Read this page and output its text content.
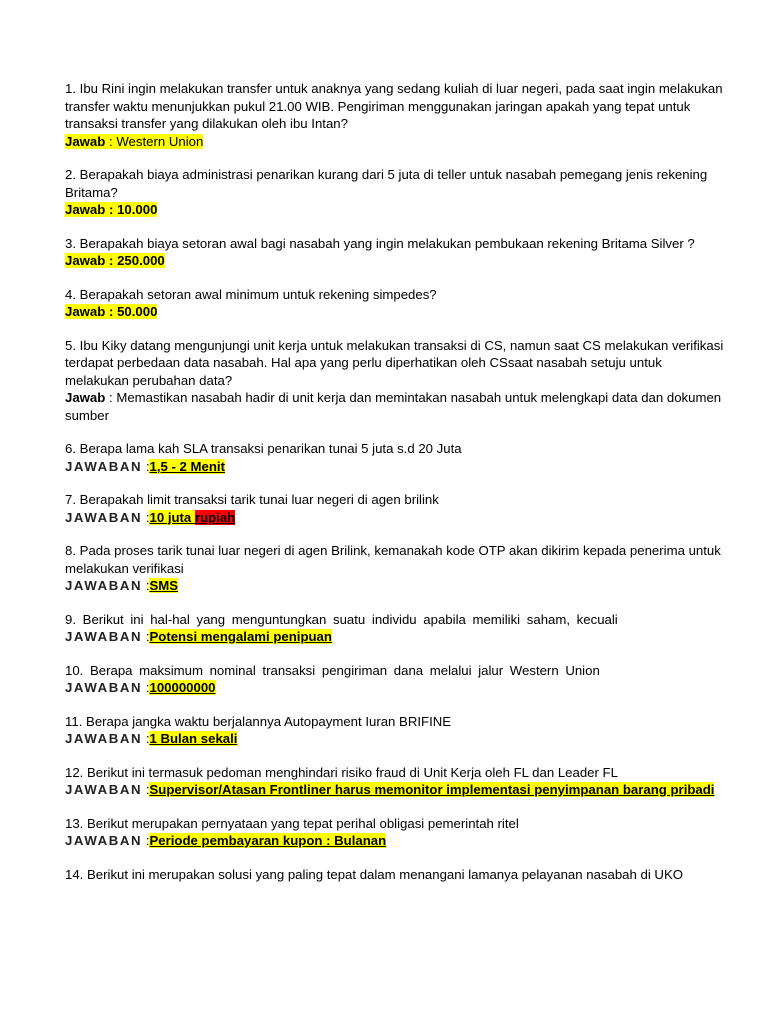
1. Ibu Rini ingin melakukan transfer untuk anaknya yang sedang kuliah di luar negeri, pada saat ingin melakukan transfer waktu menunjukkan pukul 21.00 WIB. Pengiriman menggunakan jaringan apakah yang tepat untuk transaksi transfer yang dilakukan oleh ibu Intan?
Jawab : Western Union
2. Berapakah biaya administrasi penarikan kurang dari 5 juta di teller untuk nasabah pemegang jenis rekening Britama?
Jawab : 10.000
3. Berapakah biaya setoran awal bagi nasabah yang ingin melakukan pembukaan rekening Britama Silver ?
Jawab : 250.000
4. Berapakah setoran awal minimum untuk rekening simpedes?
Jawab : 50.000
5. Ibu Kiky datang mengunjungi unit kerja untuk melakukan transaksi di CS, namun saat CS melakukan verifikasi terdapat perbedaan data nasabah. Hal apa yang perlu diperhatikan oleh CSsaat nasabah setuju untuk melakukan perubahan data?
Jawab : Memastikan nasabah hadir di unit kerja dan memintakan nasabah untuk melengkapi data dan dokumen sumber
6. Berapa lama kah SLA transaksi penarikan tunai 5 juta s.d 20 Juta
JAWABAN :1,5 - 2 Menit
7. Berapakah limit transaksi tarik tunai luar negeri di agen brilink
JAWABAN :10 juta rupiah
8. Pada proses tarik tunai luar negeri di agen Brilink, kemanakah kode OTP akan dikirim kepada penerima untuk melakukan verifikasi
JAWABAN :SMS
9. Berikut ini hal-hal yang menguntungkan suatu individu apabila memiliki saham, kecuali
JAWABAN :Potensi mengalami penipuan
10. Berapa maksimum nominal transaksi pengiriman dana melalui jalur Western Union
JAWABAN :100000000
11. Berapa jangka waktu berjalannya Autopayment Iuran BRIFINE
JAWABAN :1 Bulan sekali
12. Berikut ini termasuk pedoman menghindari risiko fraud di Unit Kerja oleh FL dan Leader FL
JAWABAN :Supervisor/Atasan Frontliner harus memonitor implementasi penyimpanan barang pribadi
13. Berikut merupakan pernyataan yang tepat perihal obligasi pemerintah ritel
JAWABAN :Periode pembayaran kupon : Bulanan
14. Berikut ini merupakan solusi yang paling tepat dalam menangani lamanya pelayanan nasabah di UKO
